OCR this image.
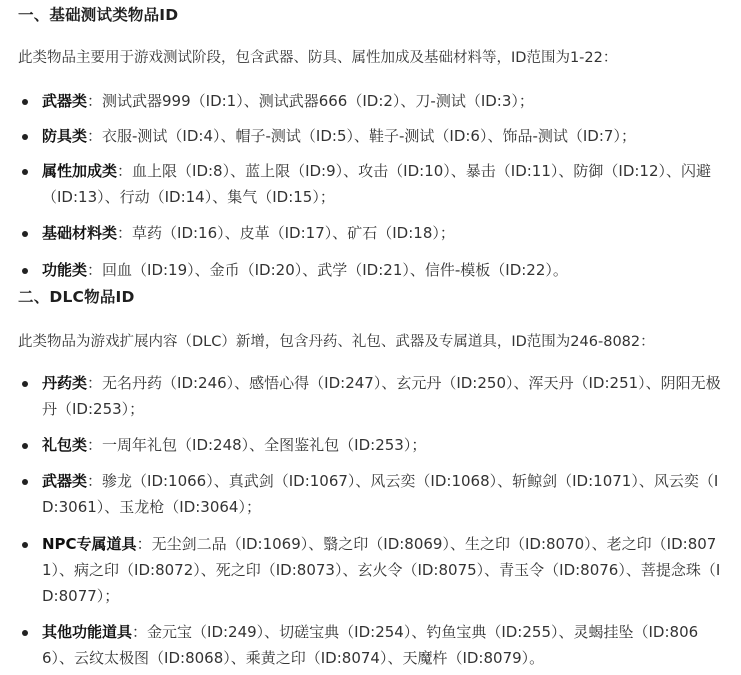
一、基础测试类物品ID
此类物品主要用于游戏测试阶段，包含武器、防具、属性加成及基础材料等，ID范围为1-22：
武器类：测试武器999（ID:1）、测试武器666（ID:2）、刀-测试（ID:3）；
防具类：衣服-测试（ID:4）、帽子-测试（ID:5）、鞋子-测试（ID:6）、饰品-测试（ID:7）；
属性加成类：血上限（ID:8）、蓝上限（ID:9）、攻击（ID:10）、暴击（ID:11）、防御（ID:12）、闪避（ID:13）、行动（ID:14）、集气（ID:15）；
基础材料类：草药（ID:16）、皮革（ID:17）、矿石（ID:18）；
功能类：回血（ID:19）、金币（ID:20）、武学（ID:21）、信件-模板（ID:22）。
二、DLC物品ID
此类物品为游戏扩展内容（DLC）新增，包含丹药、礼包、武器及专属道具，ID范围为246-8082：
丹药类：无名丹药（ID:246）、感悟心得（ID:247）、玄元丹（ID:250）、浑天丹（ID:251）、阴阳无极丹（ID:253）；
礼包类：一周年礼包（ID:248）、全图鉴礼包（ID:253）；
武器类：骖龙（ID:1066）、真武剑（ID:1067）、风云奕（ID:1068）、斩鲸剑（ID:1071）、风云奕（ID:3061）、玉龙枪（ID:3064）；
NPC专属道具：无尘剑二品（ID:1069）、翳之印（ID:8069）、生之印（ID:8070）、老之印（ID:8071）、病之印（ID:8072）、死之印（ID:8073）、玄火令（ID:8075）、青玉令（ID:8076）、菩提念珠（ID:8077）；
其他功能道具：金元宝（ID:249）、切磋宝典（ID:254）、钓鱼宝典（ID:255）、灵蝎挂坠（ID:8066）、云纹太极图（ID:8068）、乘黄之印（ID:8074）、天魔杵（ID:8079）。
